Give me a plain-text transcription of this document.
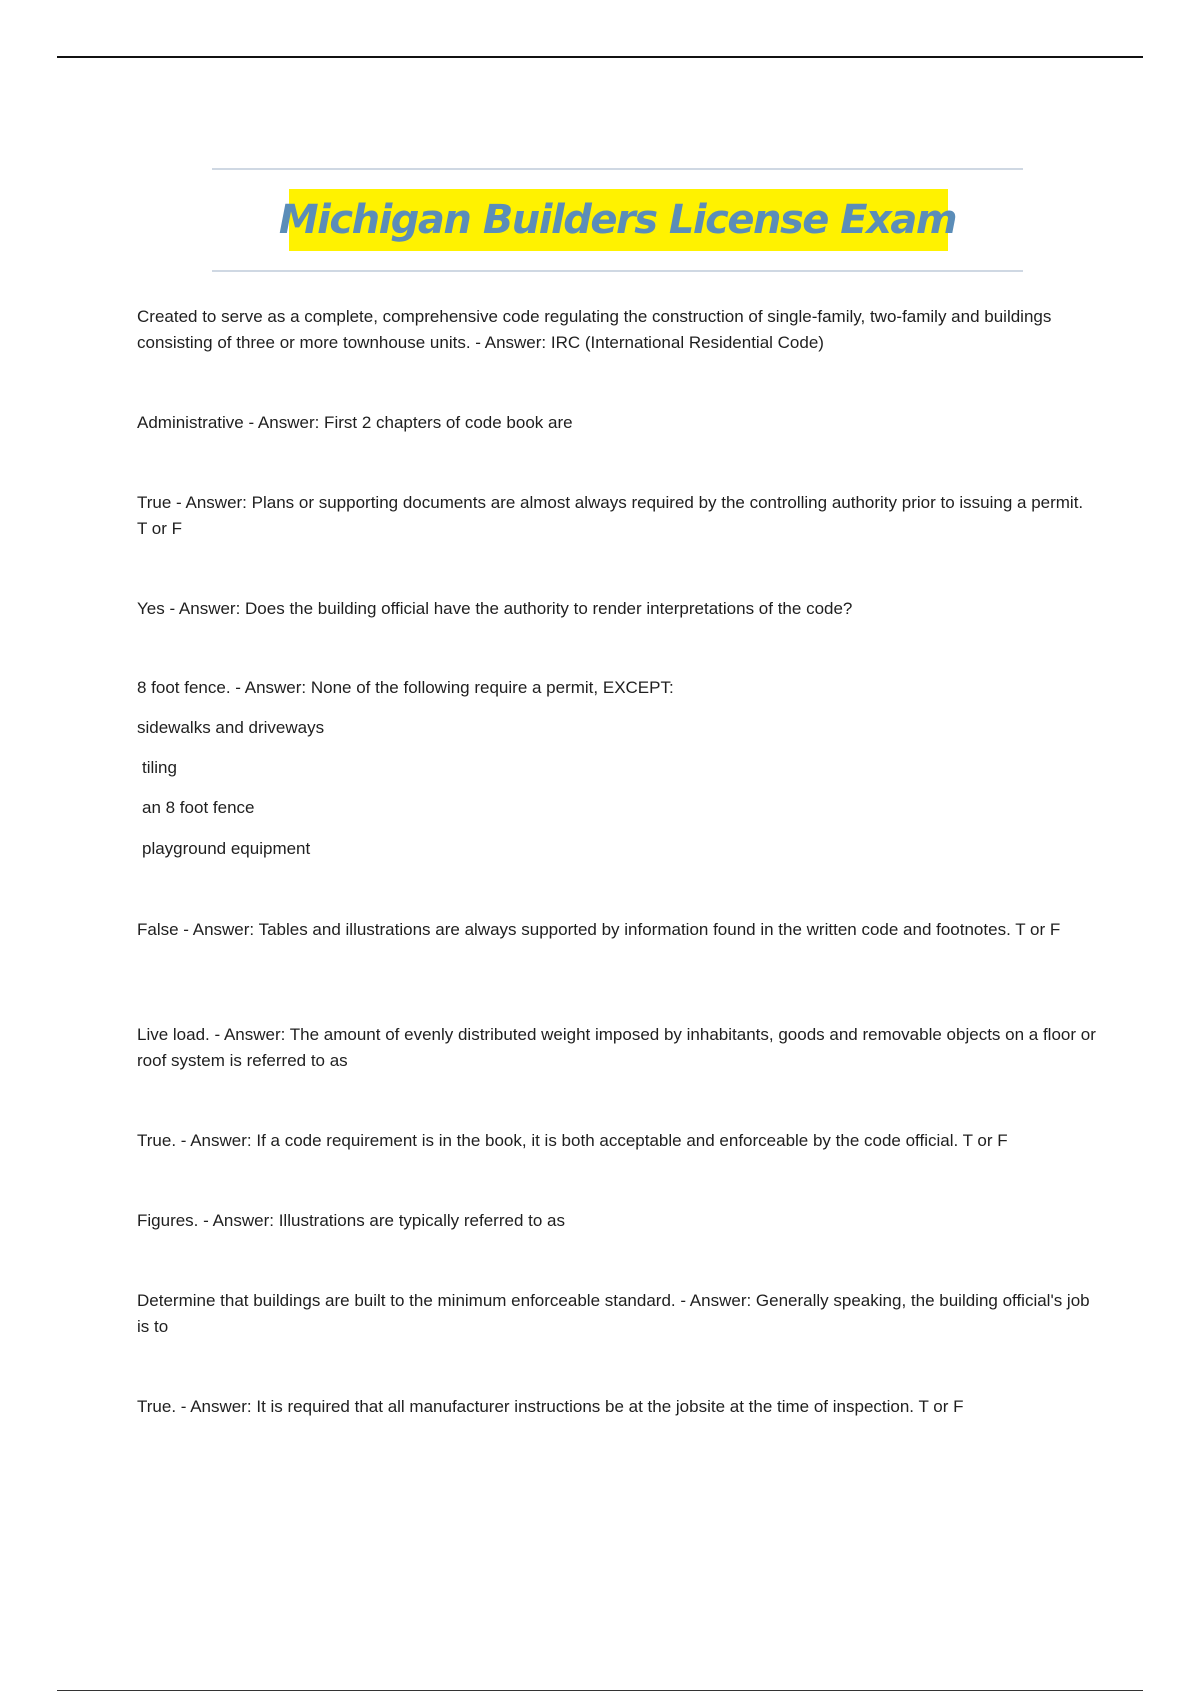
Michigan Builders License Exam

Created to serve as a complete, comprehensive code regulating the construction of single-family, two-family and buildings consisting of three or more townhouse units. - Answer: IRC (International Residential Code)

Administrative - Answer: First 2 chapters of code book are

True - Answer: Plans or supporting documents are almost always required by the controlling authority prior to issuing a permit. T or F

Yes - Answer: Does the building official have the authority to render interpretations of the code?

8 foot fence. - Answer: None of the following require a permit, EXCEPT:

sidewalks and driveways

tiling

an 8 foot fence

playground equipment

False - Answer: Tables and illustrations are always supported by information found in the written code and footnotes. T or F

Live load. - Answer: The amount of evenly distributed weight imposed by inhabitants, goods and removable objects on a floor or roof system is referred to as

True. - Answer: If a code requirement is in the book, it is both acceptable and enforceable by the code official. T or F

Figures. - Answer: Illustrations are typically referred to as

Determine that buildings are built to the minimum enforceable standard. - Answer: Generally speaking, the building official's job is to

True. - Answer: It is required that all manufacturer instructions be at the jobsite at the time of inspection. T or F
